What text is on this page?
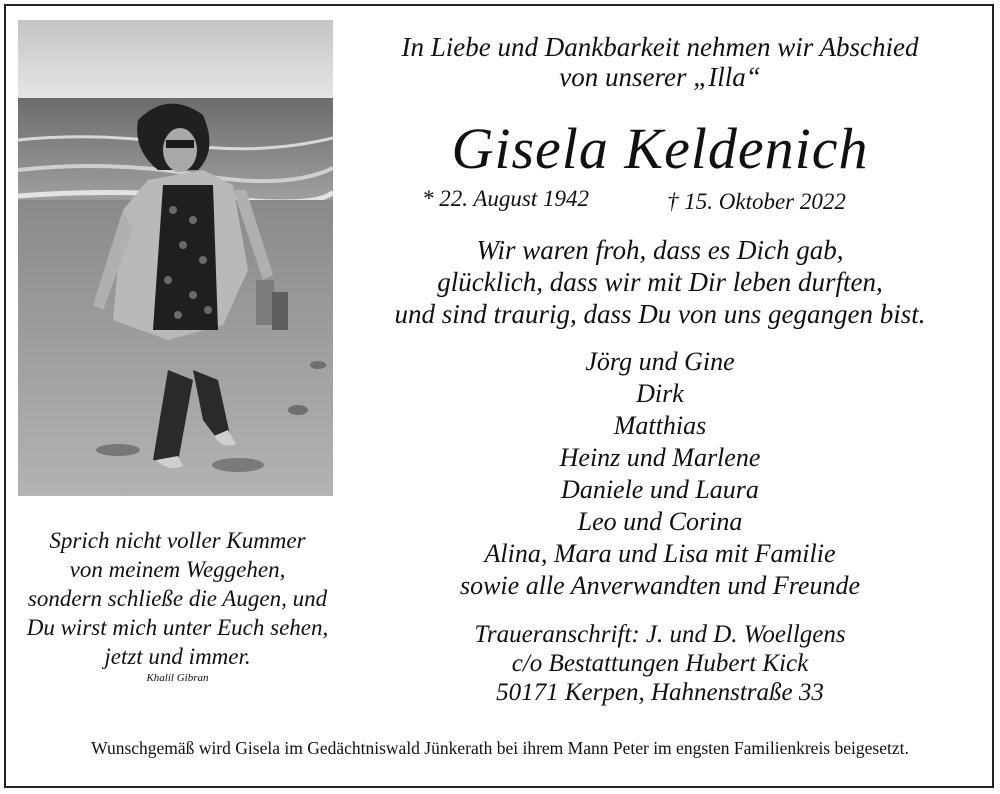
In Liebe und Dankbarkeit nehmen wir Abschied
von unserer „Illa“
Gisela Keldenich
* 22. August 1942	† 15. Oktober 2022
Wir waren froh, dass es Dich gab,
glücklich, dass wir mit Dir leben durften,
und sind traurig, dass Du von uns gegangen bist.
Jörg und Gine
Dirk
Matthias
Heinz und Marlene
Daniele und Laura
Leo und Corina
Alina, Mara und Lisa mit Familie
sowie alle Anverwandten und Freunde
Traueranschrift: J. und D. Woellgens
c/o Bestattungen Hubert Kick
50171 Kerpen, Hahnenstraße 33
Sprich nicht voller Kummer
von meinem Weggehen,
sondern schließe die Augen, und
Du wirst mich unter Euch sehen,
jetzt und immer.
Khalil Gibran
Wunschgemäß wird Gisela im Gedächtniswald Jünkerath bei ihrem Mann Peter im engsten Familienkreis beigesetzt.
